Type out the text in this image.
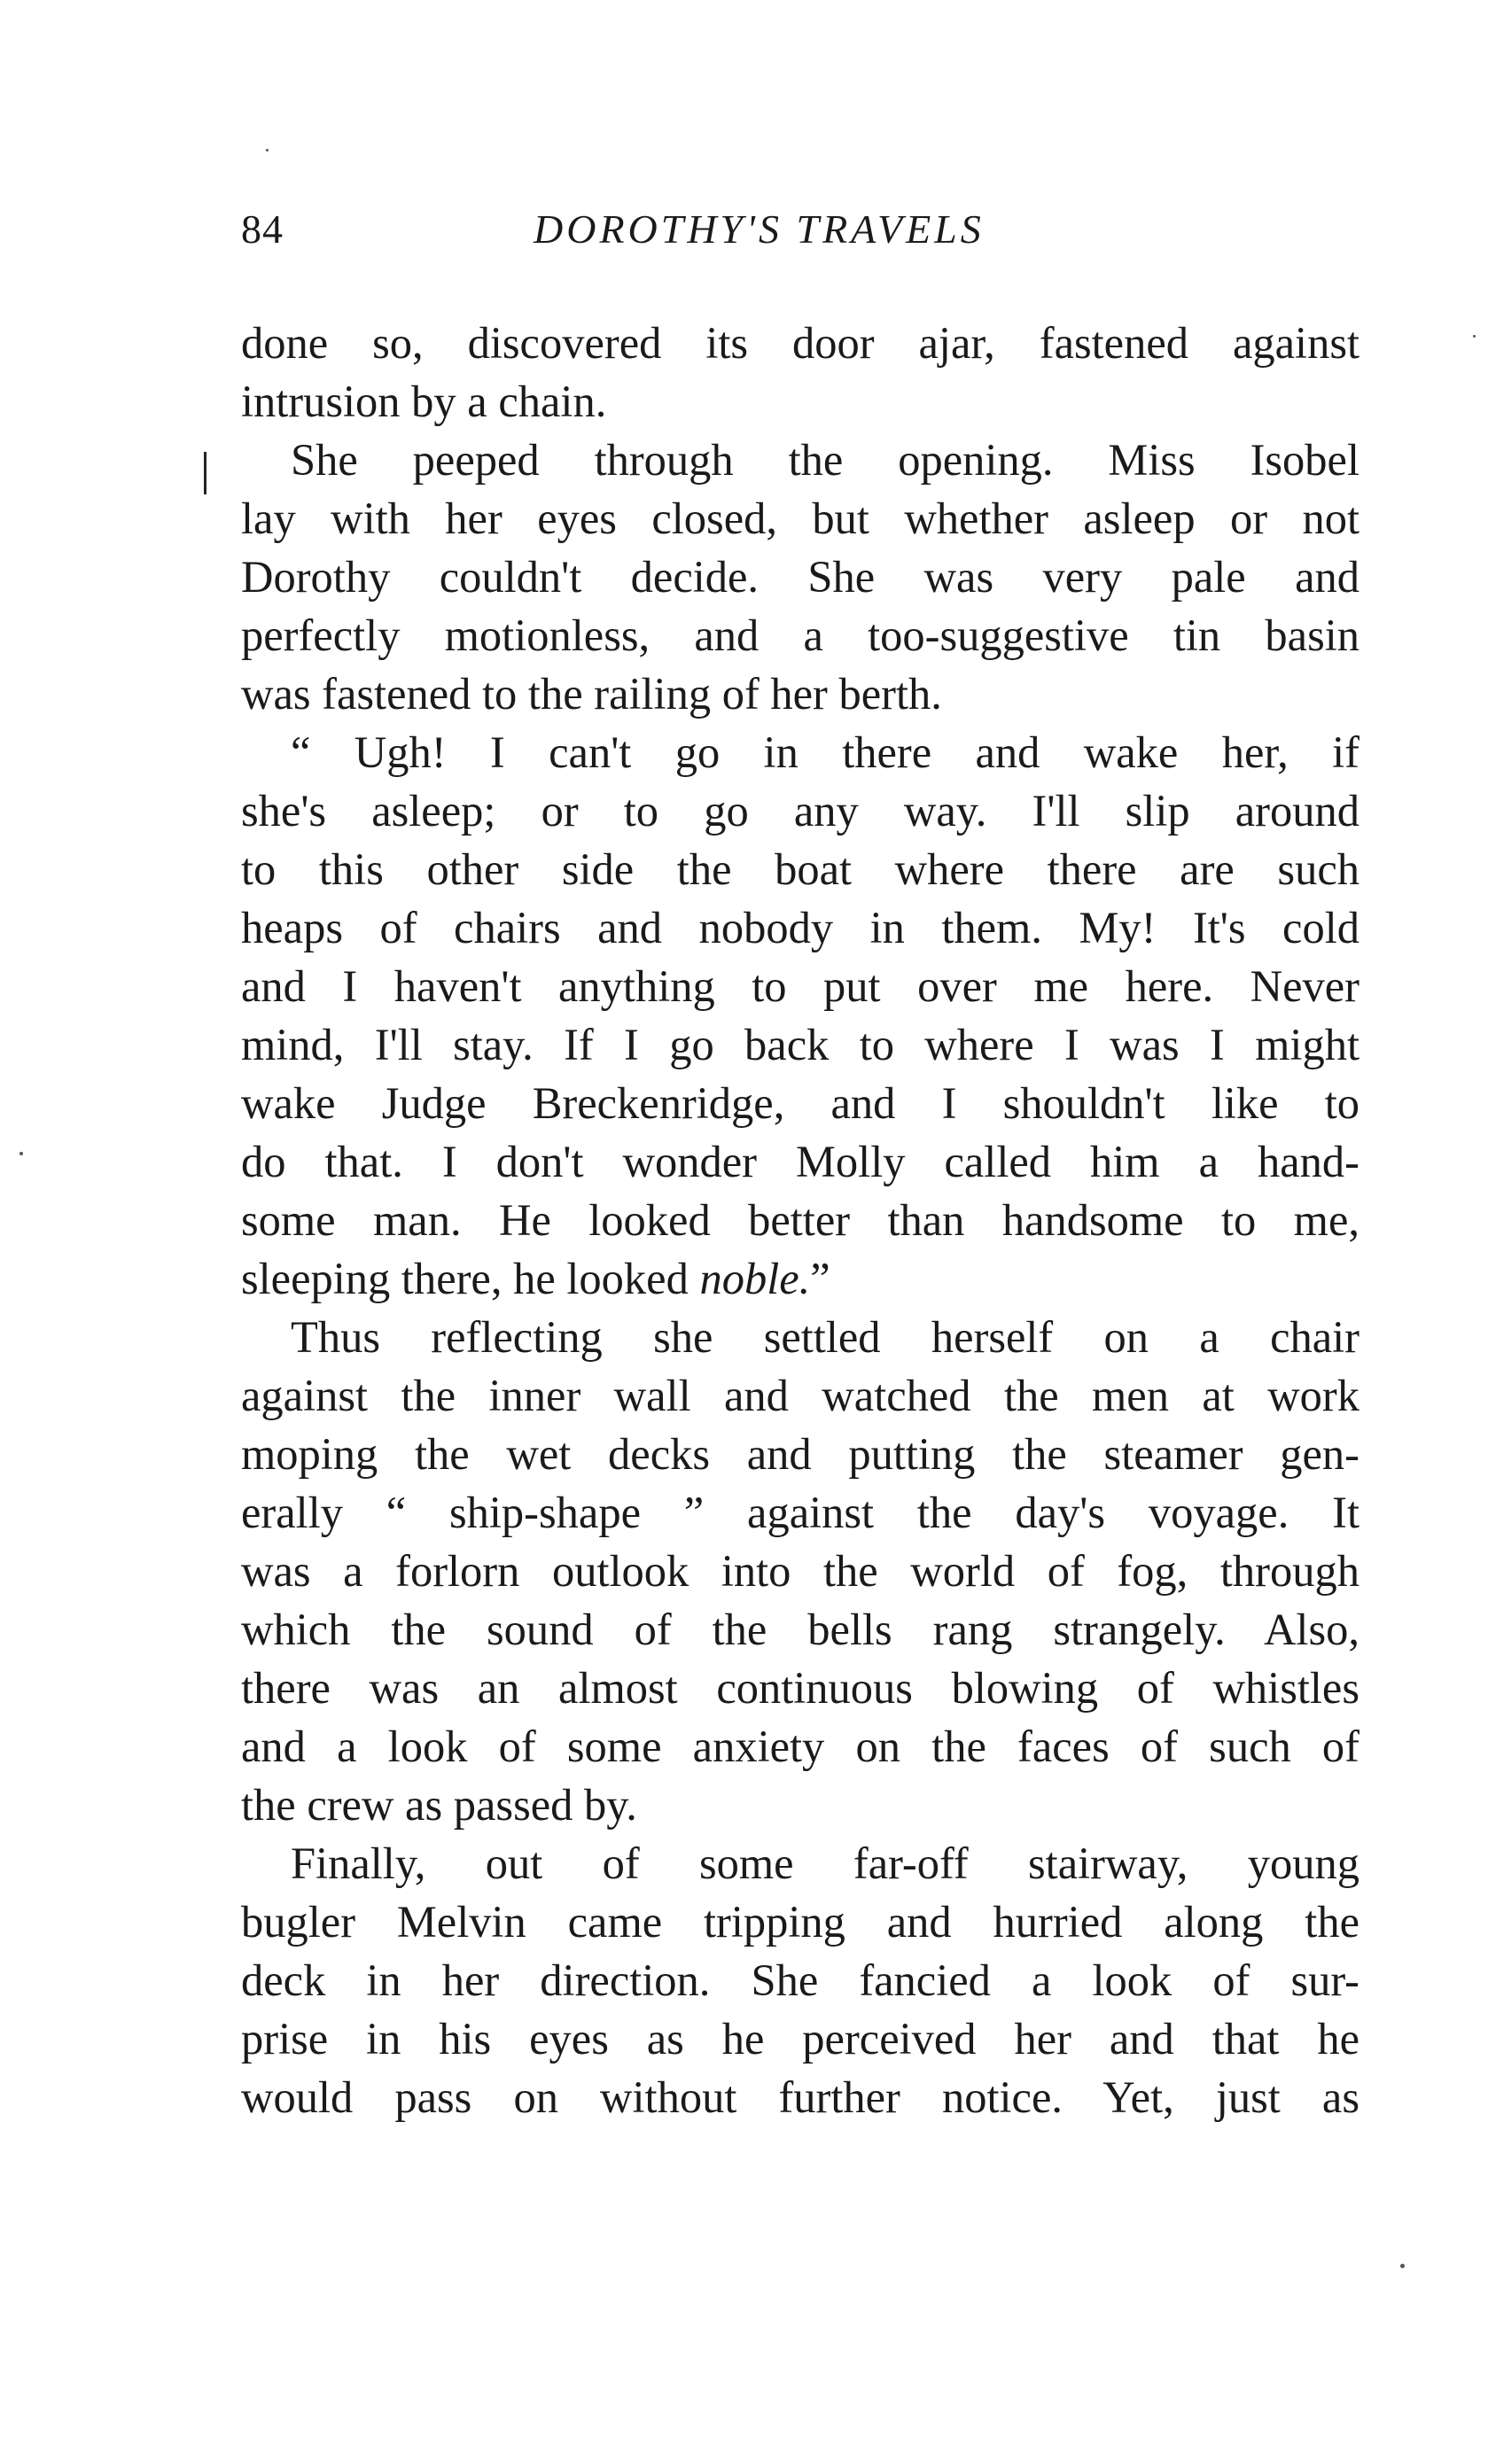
84	DOROTHY'S TRAVELS

done so, discovered its door ajar, fastened against
intrusion by a chain.

She peeped through the opening. Miss Isobel
lay with her eyes closed, but whether asleep or not
Dorothy couldn't decide. She was very pale and
perfectly motionless, and a too-suggestive tin basin
was fastened to the railing of her berth.

“ Ugh! I can't go in there and wake her, if
she's asleep; or to go any way. I'll slip around
to this other side the boat where there are such
heaps of chairs and nobody in them. My! It's cold
and I haven't anything to put over me here. Never
mind, I'll stay. If I go back to where I was I might
wake Judge Breckenridge, and I shouldn't like to
do that. I don't wonder Molly called him a hand-
some man. He looked better than handsome to me,
sleeping there, he looked noble.”

Thus reflecting she settled herself on a chair
against the inner wall and watched the men at work
moping the wet decks and putting the steamer gen-
erally “ ship-shape ” against the day's voyage. It
was a forlorn outlook into the world of fog, through
which the sound of the bells rang strangely. Also,
there was an almost continuous blowing of whistles
and a look of some anxiety on the faces of such of
the crew as passed by.

Finally, out of some far-off stairway, young
bugler Melvin came tripping and hurried along the
deck in her direction. She fancied a look of sur-
prise in his eyes as he perceived her and that he
would pass on without further notice. Yet, just as
